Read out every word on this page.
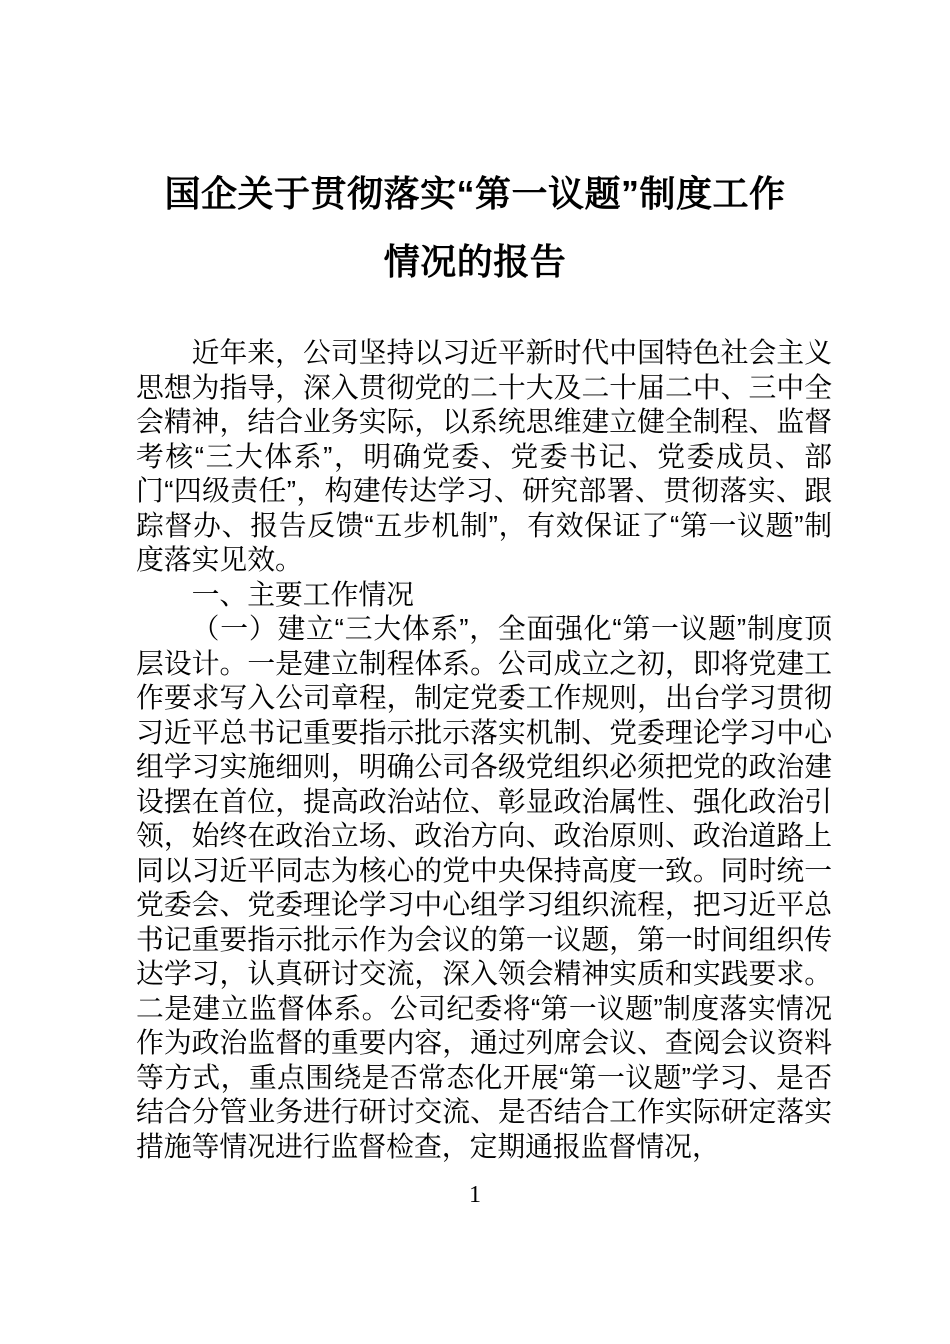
国企关于贯彻落实“第一议题”制度工作
情况的报告

近年来，公司坚持以习近平新时代中国特色社会主义思想为指导，深入贯彻党的二十大及二十届二中、三中全会精神，结合业务实际，以系统思维建立健全制程、监督考核“三大体系”，明确党委、党委书记、党委成员、部门“四级责任”，构建传达学习、研究部署、贯彻落实、跟踪督办、报告反馈“五步机制”，有效保证了“第一议题”制度落实见效。

一、主要工作情况

（一）建立“三大体系”，全面强化“第一议题”制度顶层设计。一是建立制程体系。公司成立之初，即将党建工作要求写入公司章程，制定党委工作规则，出台学习贯彻习近平总书记重要指示批示落实机制、党委理论学习中心组学习实施细则，明确公司各级党组织必须把党的政治建设摆在首位，提高政治站位、彰显政治属性、强化政治引领，始终在政治立场、政治方向、政治原则、政治道路上同以习近平同志为核心的党中央保持高度一致。同时统一党委会、党委理论学习中心组学习组织流程，把习近平总书记重要指示批示作为会议的第一议题，第一时间组织传达学习，认真研讨交流，深入领会精神实质和实践要求。二是建立监督体系。公司纪委将“第一议题”制度落实情况作为政治监督的重要内容，通过列席会议、查阅会议资料等方式，重点围绕是否常态化开展“第一议题”学习、是否结合分管业务进行研讨交流、是否结合工作实际研定落实措施等情况进行监督检查，定期通报监督情况，

1
